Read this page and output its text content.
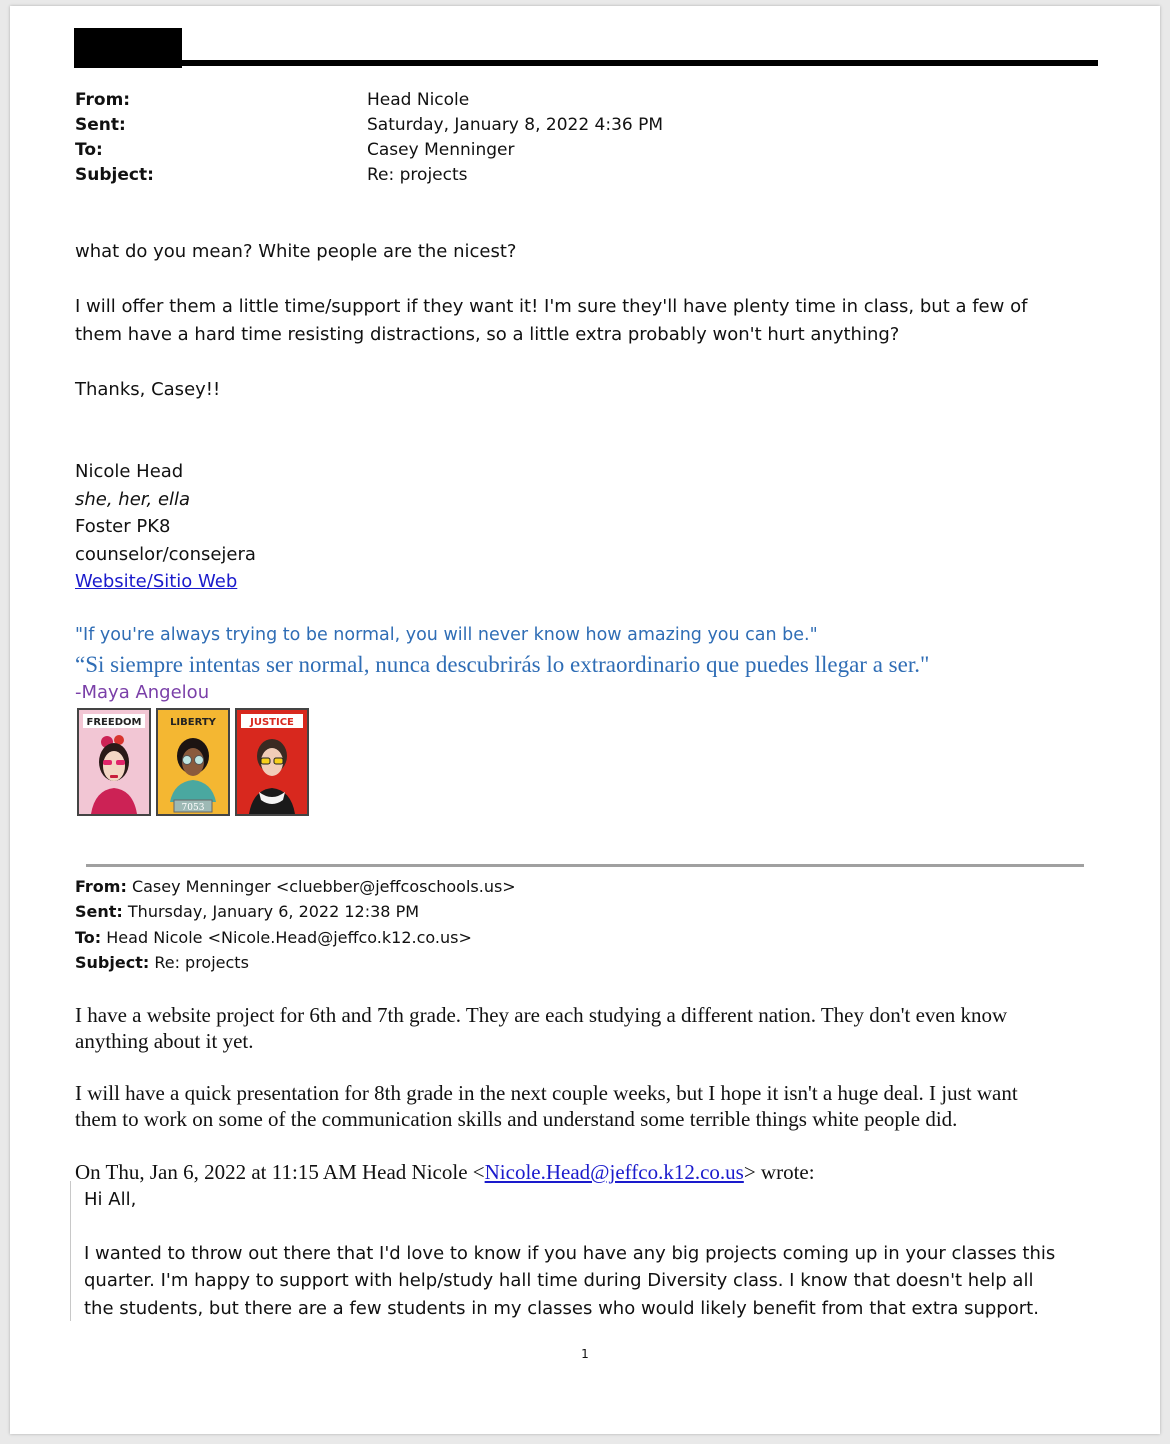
From:	Head Nicole
Sent:	Saturday, January 8, 2022 4:36 PM
To:	Casey Menninger
Subject:	Re: projects
what do you mean? White people are the nicest?
I will offer them a little time/support if they want it! I'm sure they'll have plenty time in class, but a few of
them have a hard time resisting distractions, so a little extra probably won't hurt anything?
Thanks, Casey!!
Nicole Head
she, her, ella
Foster PK8
counselor/consejera
Website/Sitio Web
"If you're always trying to be normal, you will never know how amazing you can be."
“Si siempre intentas ser normal, nunca descubrirás lo extraordinario que puedes llegar a ser."
-Maya Angelou
FREEDOM	LIBERTY
7053
JUSTICE
From: Casey Menninger <cluebber@jeffcoschools.us>
Sent: Thursday, January 6, 2022 12:38 PM
To: Head Nicole <Nicole.Head@jeffco.k12.co.us>
Subject: Re: projects
I have a website project for 6th and 7th grade. They are each studying a different nation. They don't even know
anything about it yet.
I will have a quick presentation for 8th grade in the next couple weeks, but I hope it isn't a huge deal. I just want
them to work on some of the communication skills and understand some terrible things white people did.
On Thu, Jan 6, 2022 at 11:15 AM Head Nicole <Nicole.Head@jeffco.k12.co.us> wrote:
Hi All,
I wanted to throw out there that I'd love to know if you have any big projects coming up in your classes this
quarter. I'm happy to support with help/study hall time during Diversity class. I know that doesn't help all
the students, but there are a few students in my classes who would likely benefit from that extra support.
1
